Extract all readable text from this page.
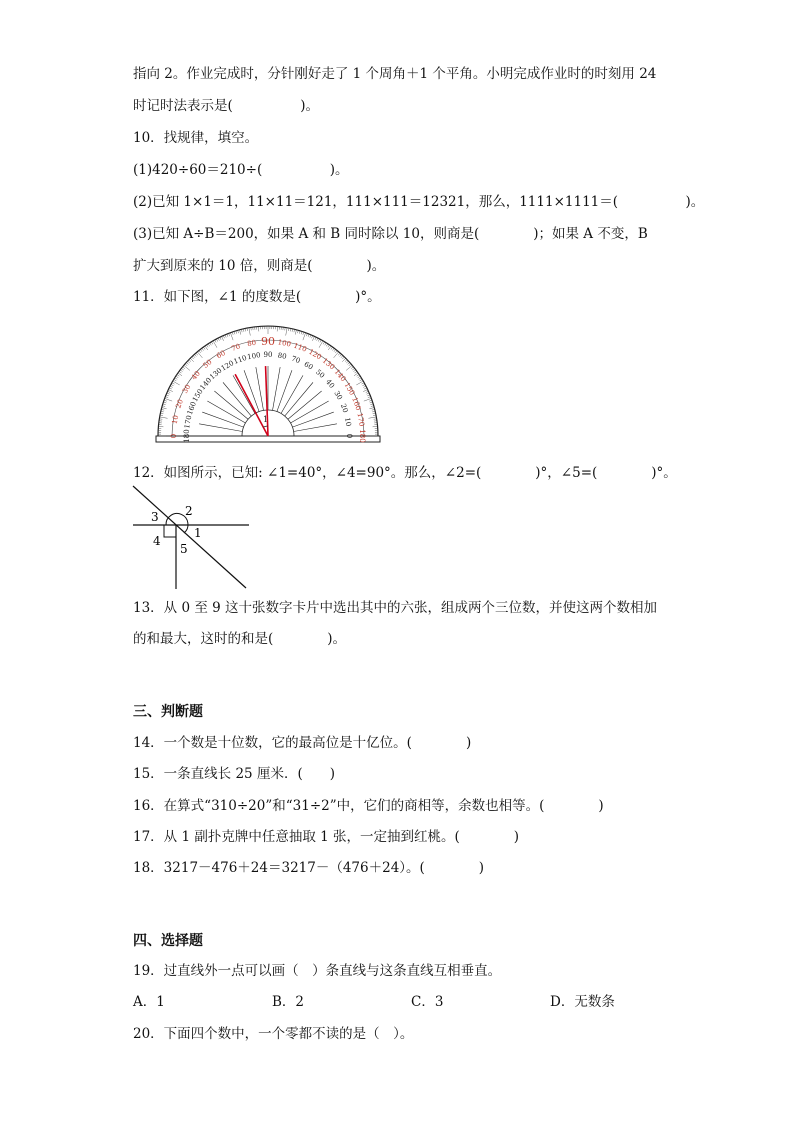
指向 2。作业完成时，分针刚好走了 1 个周角＋1 个平角。小明完成作业时的时刻用 24
时记时法表示是(　　　　　)。
10．找规律，填空。
(1)420÷60＝210÷(　　　　　)。
(2)已知 1×1＝1，11×11＝121，111×111＝12321，那么，1111×1111＝(　　　　　)。
(3)已知 A÷B＝200，如果 A 和 B 同时除以 10，则商是(　　　　)；如果 A 不变，B
扩大到原来的 10 倍，则商是(　　　　)。
11．如下图，∠1 的度数是(　　　　)°。
0 180
10 170
20 160
30
150
40
140
50
130
60
120
70
110
80
100
90
90
100
80
110
70 120
60 130
50 140
40 150
30
160
20
170
10
180
0
1
12．如图所示，已知: ∠1=40°，∠4=90°。那么，∠2=(　　　　)°，∠5=(　　　　)°。
1
2
3
4
5
13．从 0 至 9 这十张数字卡片中选出其中的六张，组成两个三位数，并使这两个数相加
的和最大，这时的和是(　　　　)。
三、判断题
14．一个数是十位数，它的最高位是十亿位。(　　　　)
15．一条直线长 25 厘米．(　　)
16．在算式“310÷20”和“31÷2”中，它们的商相等，余数也相等。(　　　　)
17．从 1 副扑克牌中任意抽取 1 张，一定抽到红桃。(　　　　)
18．3217－476＋24＝3217－（476＋24）。(　　　　)
四、选择题
19．过直线外一点可以画（　）条直线与这条直线互相垂直。
A．1	B．2	C．3	D．无数条
20．下面四个数中，一个零都不读的是（　）。
